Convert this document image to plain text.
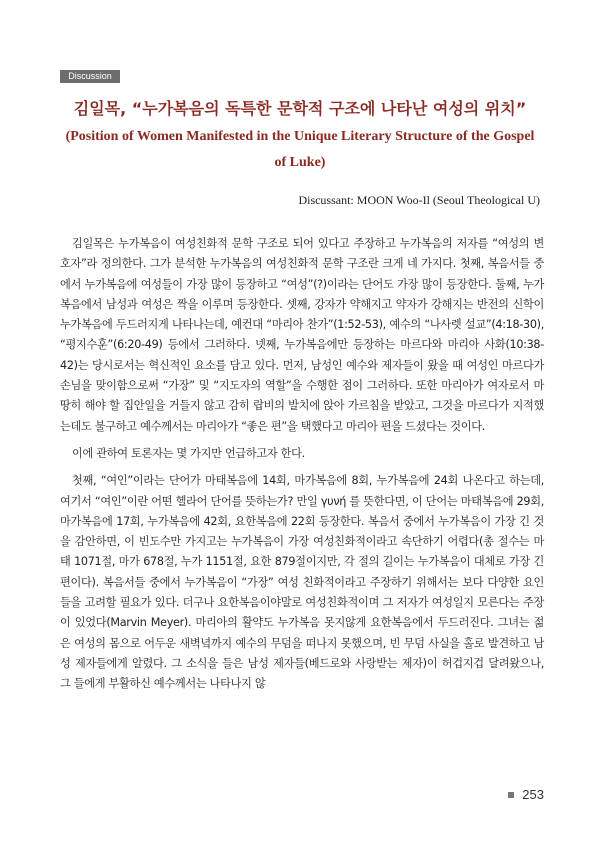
Discussion
김일목, “누가복음의 독특한 문학적 구조에 나타난 여성의 위치”
(Position of Women Manifested in the Unique Literary Structure of the Gospel of Luke)
Discussant: MOON Woo-Il (Seoul Theological U)

김일목은 누가복음이 여성친화적 문학 구조로 되어 있다고 주장하고 누가복음의 저자를 “여성의 변호자”라 정의한다. 그가 분석한 누가복음의 여성친화적 문학 구조란 크게 네 가지다. 첫째, 복음서들 중에서 누가복음에 여성들이 가장 많이 등장하고 “여성”(?)이라는 단어도 가장 많이 등장한다. 둘째, 누가복음에서 남성과 여성은 짝을 이루며 등장한다. 셋째, 강자가 약해지고 약자가 강해지는 반전의 신학이 누가복음에 두드러지게 나타나는데, 예컨대 “마리아 찬가”(1:52-53), 예수의 “나사렛 설교”(4:18-30), “평지수훈”(6:20-49) 등에서 그러하다. 넷째, 누가복음에만 등장하는 마르다와 마리아 사화(10:38-42)는 당시로서는 혁신적인 요소를 담고 있다. 먼저, 남성인 예수와 제자들이 왔을 때 여성인 마르다가 손님을 맞이함으로써 “가장” 및 “지도자의 역할”을 수행한 점이 그러하다. 또한 마리아가 여자로서 마땅히 해야 할 집안일을 거들지 않고 감히 랍비의 발치에 앉아 가르침을 받았고, 그것을 마르다가 지적했는데도 불구하고 예수께서는 마리아가 “좋은 편”을 택했다고 마리아 편을 드셨다는 것이다.

이에 관하여 토론자는 몇 가지만 언급하고자 한다.

첫째, “여인”이라는 단어가 마태복음에 14회, 마가복음에 8회, 누가복음에 24회 나온다고 하는데, 여기서 “여인”이란 어떤 헬라어 단어를 뜻하는가? 만일 γυνή 를 뜻한다면, 이 단어는 마태복음에 29회, 마가복음에 17회, 누가복음에 42회, 요한복음에 22회 등장한다. 복음서 중에서 누가복음이 가장 긴 것을 감안하면, 이 빈도수만 가지고는 누가복음이 가장 여성친화적이라고 속단하기 어렵다(총 절수는 마태 1071절, 마가 678절, 누가 1151절, 요한 879절이지만, 각 절의 길이는 누가복음이 대체로 가장 긴 편이다). 복음서들 중에서 누가복음이 “가장” 여성 친화적이라고 주장하기 위해서는 보다 다양한 요인들을 고려할 필요가 있다. 더구나 요한복음이야말로 여성친화적이며 그 저자가 여성일지 모른다는 주장이 있었다(Marvin Meyer). 마리아의 활약도 누가복음 못지않게 요한복음에서 두드러진다. 그녀는 젊은 여성의 몸으로 어두운 새벽녘까지 예수의 무덤을 떠나지 못했으며, 빈 무덤 사실을 홀로 발견하고 남성 제자들에게 알렸다. 그 소식을 들은 남성 제자들(베드로와 사랑받는 제자)이 허겁지겁 달려왔으나, 그 들에게 부활하신 예수께서는 나타나지 않

253
